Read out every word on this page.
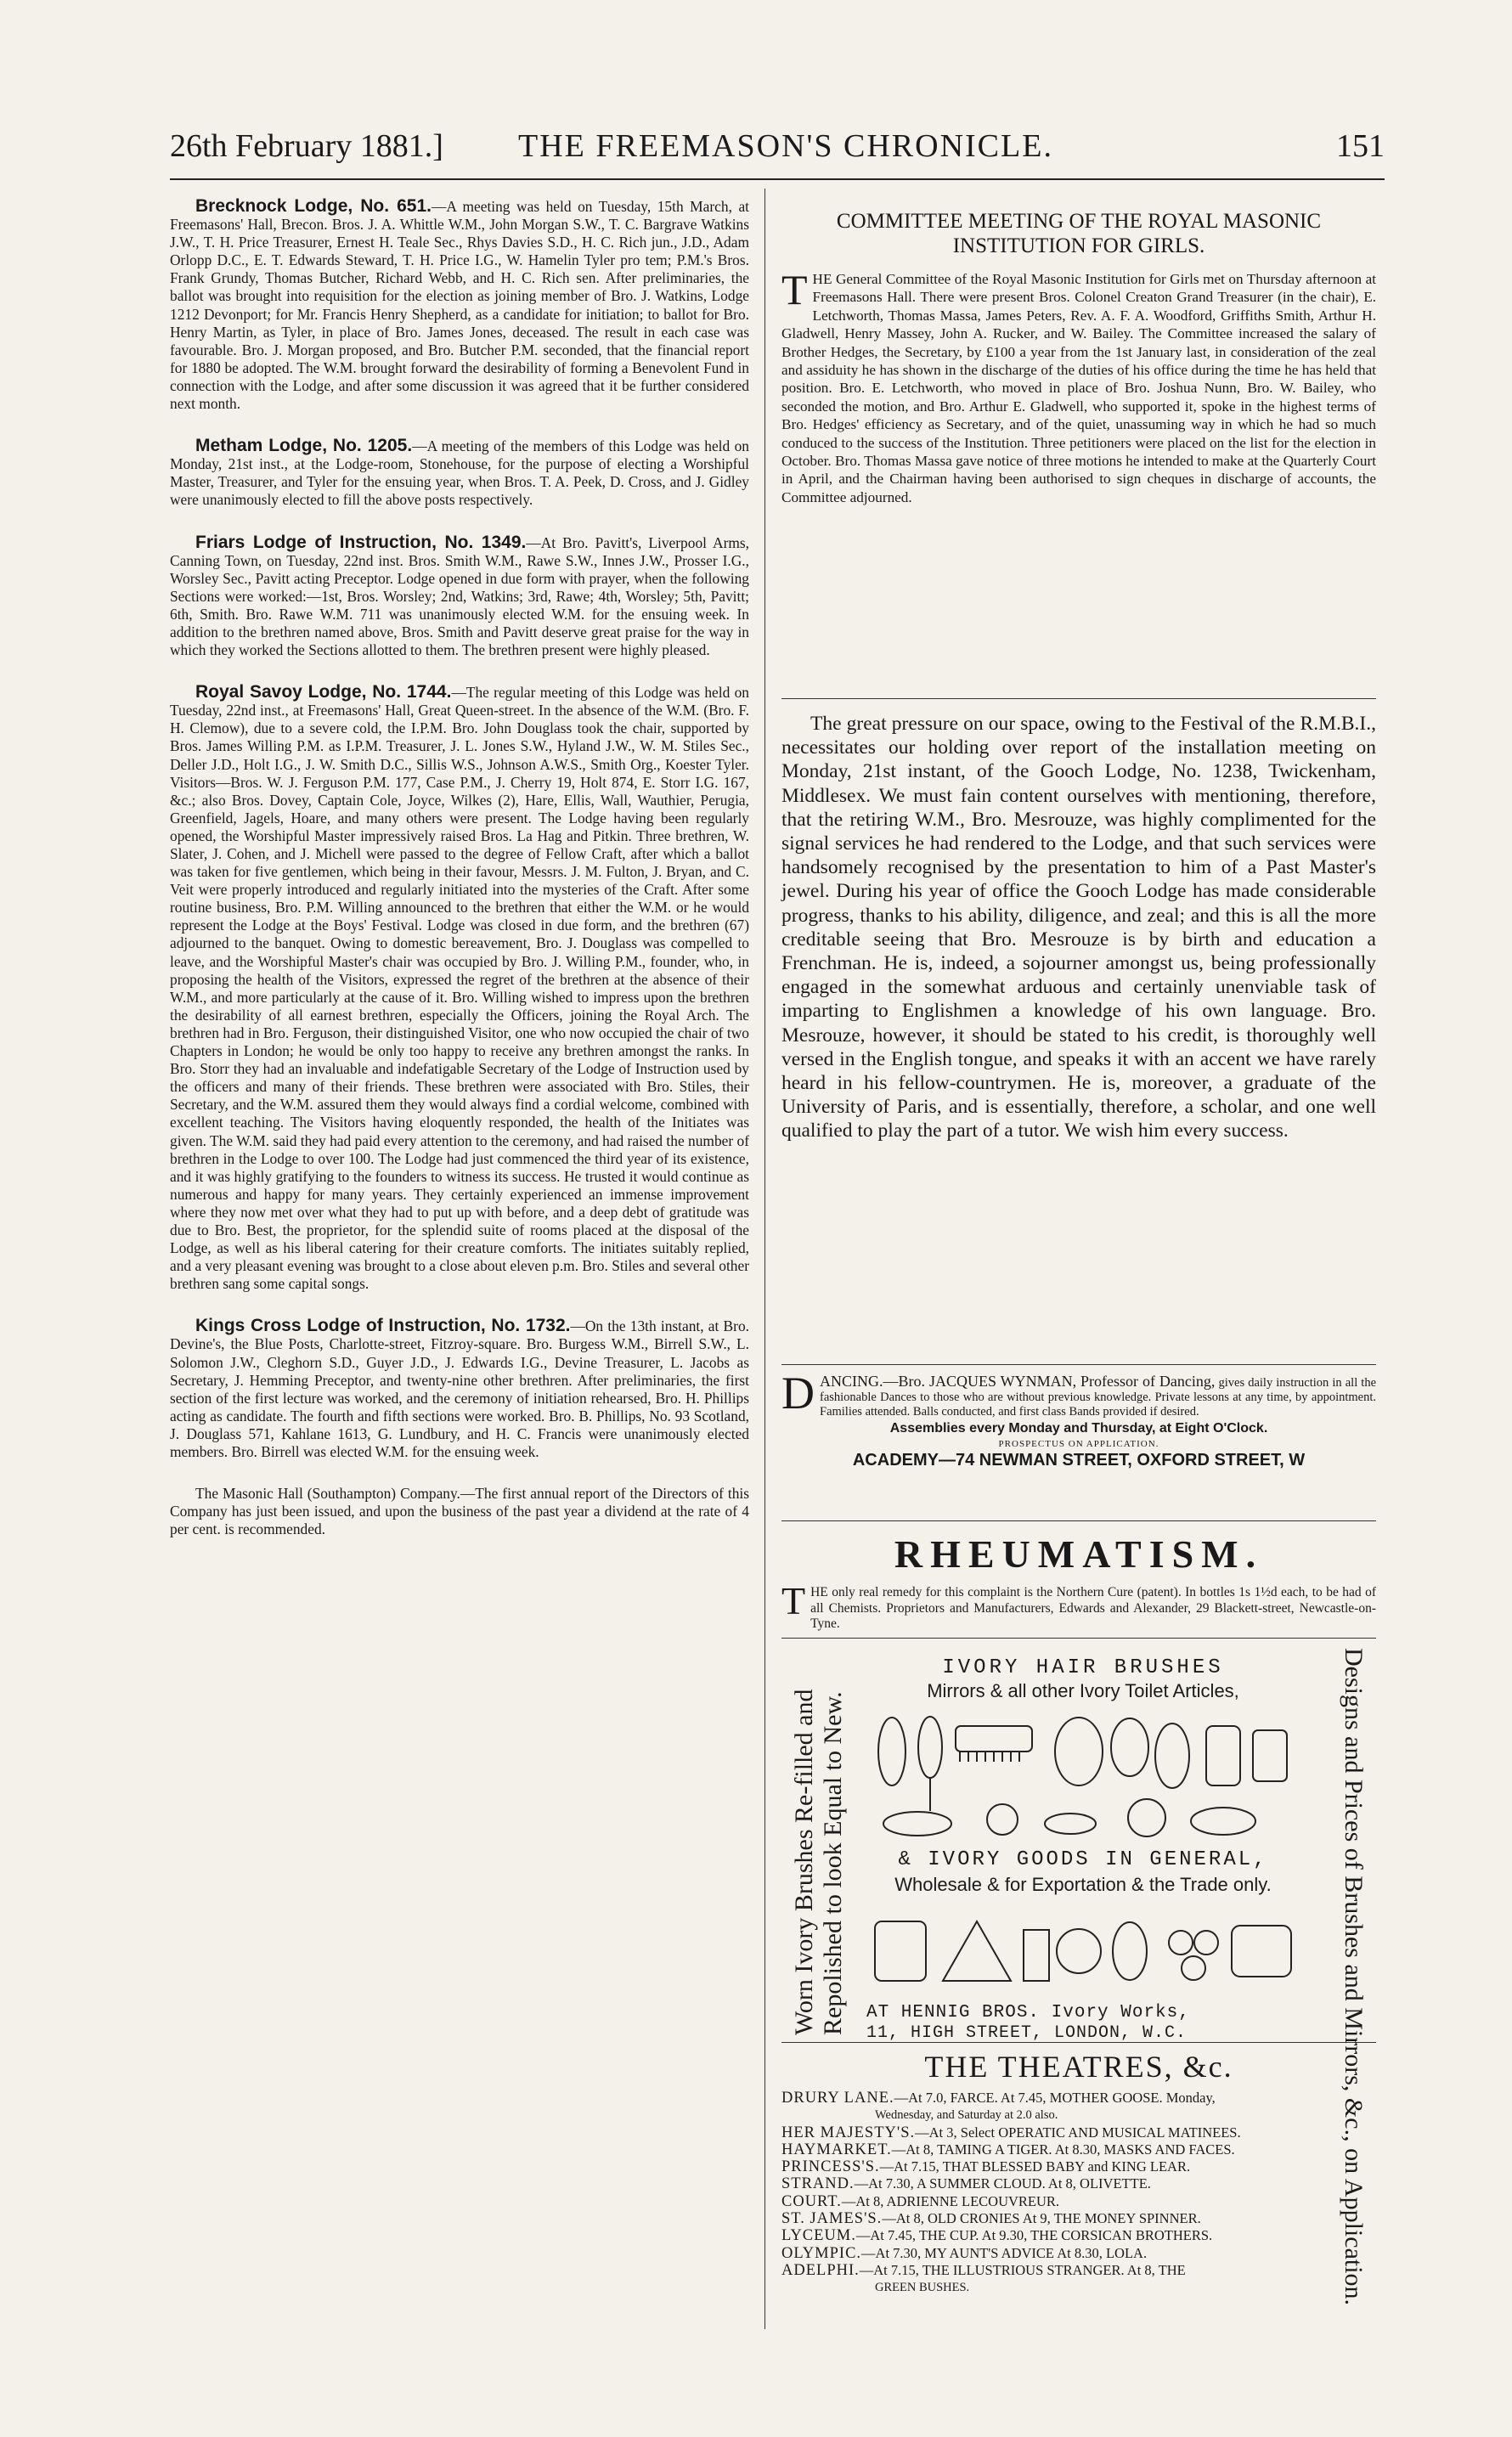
26th February 1881.] THE FREEMASON'S CHRONICLE.	151

Brecknock Lodge, No. 651.—A meeting was held on Tuesday, 15th March, at Freemasons' Hall, Brecon. Bros. J. A. Whittle W.M., John Morgan S.W., T. C. Bargrave Watkins J.W., T. H. Price Treasurer, Ernest H. Teale Sec., Rhys Davies S.D., H. C. Rich jun., J.D., Adam Orlopp D.C., E. T. Edwards Steward, T. H. Price I.G., W. Hamelin Tyler pro tem; P.M.'s Bros. Frank Grundy, Thomas Butcher, Richard Webb, and H. C. Rich sen. After preliminaries, the ballot was brought into requisition for the election as joining member of Bro. J. Watkins, Lodge 1212 Devonport; for Mr. Francis Henry Shepherd, as a candidate for initiation; to ballot for Bro. Henry Martin, as Tyler, in place of Bro. James Jones, deceased. The result in each case was favourable. Bro. J. Morgan proposed, and Bro. Butcher P.M. seconded, that the financial report for 1880 be adopted. The W.M. brought forward the desirability of forming a Benevolent Fund in connection with the Lodge, and after some discussion it was agreed that it be further considered next month.

Metham Lodge, No. 1205.—A meeting of the members of this Lodge was held on Monday, 21st inst., at the Lodge-room, Stonehouse, for the purpose of electing a Worshipful Master, Treasurer, and Tyler for the ensuing year, when Bros. T. A. Peek, D. Cross, and J. Gidley were unanimously elected to fill the above posts respectively.

Friars Lodge of Instruction, No. 1349.—At Bro. Pavitt's, Liverpool Arms, Canning Town, on Tuesday, 22nd inst. Bros. Smith W.M., Rawe S.W., Innes J.W., Prosser I.G., Worsley Sec., Pavitt acting Preceptor. Lodge opened in due form with prayer, when the following Sections were worked:—1st, Bros. Worsley; 2nd, Watkins; 3rd, Rawe; 4th, Worsley; 5th, Pavitt; 6th, Smith. Bro. Rawe W.M. 711 was unanimously elected W.M. for the ensuing week. In addition to the brethren named above, Bros. Smith and Pavitt deserve great praise for the way in which they worked the Sections allotted to them. The brethren present were highly pleased.

Royal Savoy Lodge, No. 1744.—The regular meeting of this Lodge was held on Tuesday, 22nd inst., at Freemasons' Hall, Great Queen-street. In the absence of the W.M. (Bro. F. H. Clemow), due to a severe cold, the I.P.M. Bro. John Douglass took the chair, supported by Bros. James Willing P.M. as I.P.M. Treasurer, J. L. Jones S.W., Hyland J.W., W. M. Stiles Sec., Deller J.D., Holt I.G., J. W. Smith D.C., Sillis W.S., Johnson A.W.S., Smith Org., Koester Tyler. Visitors—Bros. W. J. Ferguson P.M. 177, Case P.M., J. Cherry 19, Holt 874, E. Storr I.G. 167, &c.; also Bros. Dovey, Captain Cole, Joyce, Wilkes (2), Hare, Ellis, Wall, Wauthier, Perugia, Greenfield, Jagels, Hoare, and many others were present. The Lodge having been regularly opened, the Worshipful Master impressively raised Bros. La Hag and Pitkin. Three brethren, W. Slater, J. Cohen, and J. Michell were passed to the degree of Fellow Craft, after which a ballot was taken for five gentlemen, which being in their favour, Messrs. J. M. Fulton, J. Bryan, and C. Veit were properly introduced and regularly initiated into the mysteries of the Craft. After some routine business, Bro. P.M. Willing announced to the brethren that either the W.M. or he would represent the Lodge at the Boys' Festival. Lodge was closed in due form, and the brethren (67) adjourned to the banquet. Owing to domestic bereavement, Bro. J. Douglass was compelled to leave, and the Worshipful Master's chair was occupied by Bro. J. Willing P.M., founder, who, in proposing the health of the Visitors, expressed the regret of the brethren at the absence of their W.M., and more particularly at the cause of it. Bro. Willing wished to impress upon the brethren the desirability of all earnest brethren, especially the Officers, joining the Royal Arch. The brethren had in Bro. Ferguson, their distinguished Visitor, one who now occupied the chair of two Chapters in London; he would be only too happy to receive any brethren amongst the ranks. In Bro. Storr they had an invaluable and indefatigable Secretary of the Lodge of Instruction used by the officers and many of their friends. These brethren were associated with Bro. Stiles, their Secretary, and the W.M. assured them they would always find a cordial welcome, combined with excellent teaching. The Visitors having eloquently responded, the health of the Initiates was given. The W.M. said they had paid every attention to the ceremony, and had raised the number of brethren in the Lodge to over 100. The Lodge had just commenced the third year of its existence, and it was highly gratifying to the founders to witness its success. He trusted it would continue as numerous and happy for many years. They certainly experienced an immense improvement where they now met over what they had to put up with before, and a deep debt of gratitude was due to Bro. Best, the proprietor, for the splendid suite of rooms placed at the disposal of the Lodge, as well as his liberal catering for their creature comforts. The initiates suitably replied, and a very pleasant evening was brought to a close about eleven p.m. Bro. Stiles and several other brethren sang some capital songs.

Kings Cross Lodge of Instruction, No. 1732.—On the 13th instant, at Bro. Devine's, the Blue Posts, Charlotte-street, Fitzroy-square. Bro. Burgess W.M., Birrell S.W., L. Solomon J.W., Cleghorn S.D., Guyer J.D., J. Edwards I.G., Devine Treasurer, L. Jacobs as Secretary, J. Hemming Preceptor, and twenty-nine other brethren. After preliminaries, the first section of the first lecture was worked, and the ceremony of initiation rehearsed, Bro. H. Phillips acting as candidate. The fourth and fifth sections were worked. Bro. B. Phillips, No. 93 Scotland, J. Douglass 571, Kahlane 1613, G. Lundbury, and H. C. Francis were unanimously elected members. Bro. Birrell was elected W.M. for the ensuing week.

The Masonic Hall (Southampton) Company.—The first annual report of the Directors of this Company has just been issued, and upon the business of the past year a dividend at the rate of 4 per cent. is recommended.

COMMITTEE MEETING OF THE ROYAL MASONIC
INSTITUTION FOR GIRLS.
THE General Committee of the Royal Masonic Institution for Girls met on Thursday afternoon at Freemasons Hall. There were present Bros. Colonel Creaton Grand Treasurer (in the chair), E. Letchworth, Thomas Massa, James Peters, Rev. A. F. A. Woodford, Griffiths Smith, Arthur H. Gladwell, Henry Massey, John A. Rucker, and W. Bailey. The Committee increased the salary of Brother Hedges, the Secretary, by £100 a year from the 1st January last, in consideration of the zeal and assiduity he has shown in the discharge of the duties of his office during the time he has held that position. Bro. E. Letchworth, who moved in place of Bro. Joshua Nunn, Bro. W. Bailey, who seconded the motion, and Bro. Arthur E. Gladwell, who supported it, spoke in the highest terms of Bro. Hedges' efficiency as Secretary, and of the quiet, unassuming way in which he had so much conduced to the success of the Institution. Three petitioners were placed on the list for the election in October. Bro. Thomas Massa gave notice of three motions he intended to make at the Quarterly Court in April, and the Chairman having been authorised to sign cheques in discharge of accounts, the Committee adjourned.
The great pressure on our space, owing to the Festival of the R.M.B.I., necessitates our holding over report of the installation meeting on Monday, 21st instant, of the Gooch Lodge, No. 1238, Twickenham, Middlesex. We must fain content ourselves with mentioning, therefore, that the retiring W.M., Bro. Mesrouze, was highly complimented for the signal services he had rendered to the Lodge, and that such services were handsomely recognised by the presentation to him of a Past Master's jewel. During his year of office the Gooch Lodge has made considerable progress, thanks to his ability, diligence, and zeal; and this is all the more creditable seeing that Bro. Mesrouze is by birth and education a Frenchman. He is, indeed, a sojourner amongst us, being professionally engaged in the somewhat arduous and certainly unenviable task of imparting to Englishmen a knowledge of his own language. Bro. Mesrouze, however, it should be stated to his credit, is thoroughly well versed in the English tongue, and speaks it with an accent we have rarely heard in his fellow-countrymen. He is, moreover, a graduate of the University of Paris, and is essentially, therefore, a scholar, and one well qualified to play the part of a tutor. We wish him every success.
DANCING.—Bro. JACQUES WYNMAN, Professor of Dancing, gives daily instruction in all the fashionable Dances to those who are without previous knowledge. Private lessons at any time, by appointment. Families attended. Balls conducted, and first class Bands provided if desired.
Assemblies every Monday and Thursday, at Eight O'Clock.
PROSPECTUS ON APPLICATION.
ACADEMY—74 NEWMAN STREET, OXFORD STREET, W
RHEUMATISM.
THE only real remedy for this complaint is the Northern Cure (patent). In bottles 1s 1½d each, to be had of all Chemists. Proprietors and Manufacturers, Edwards and Alexander, 29 Blackett-street, Newcastle-on-Tyne.
Worn Ivory Brushes Re-filled and Repolished to look Equal to New.	Designs and Prices of Brushes and Mirrors, &c., on Application.
IVORY HAIR BRUSHES
Mirrors & all other Ivory Toilet Articles,
& IVORY GOODS IN GENERAL,
Wholesale & for Exportation & the Trade only.
AT HENNIG BROS. Ivory Works,
11, HIGH STREET, LONDON, W.C.
THE THEATRES, &c.
DRURY LANE.—At 7.0, FARCE. At 7.45, MOTHER GOOSE. Monday,
Wednesday, and Saturday at 2.0 also.
HER MAJESTY'S.—At 3, Select OPERATIC AND MUSICAL MATINEES.
HAYMARKET.—At 8, TAMING A TIGER. At 8.30, MASKS AND FACES.
PRINCESS'S.—At 7.15, THAT BLESSED BABY and KING LEAR.
STRAND.—At 7.30, A SUMMER CLOUD. At 8, OLIVETTE.
COURT.—At 8, ADRIENNE LECOUVREUR.
ST. JAMES'S.—At 8, OLD CRONIES At 9, THE MONEY SPINNER.
LYCEUM.—At 7.45, THE CUP. At 9.30, THE CORSICAN BROTHERS.
OLYMPIC.—At 7.30, MY AUNT'S ADVICE At 8.30, LOLA.
ADELPHI.—At 7.15, THE ILLUSTRIOUS STRANGER. At 8, THE
GREEN BUSHES.
